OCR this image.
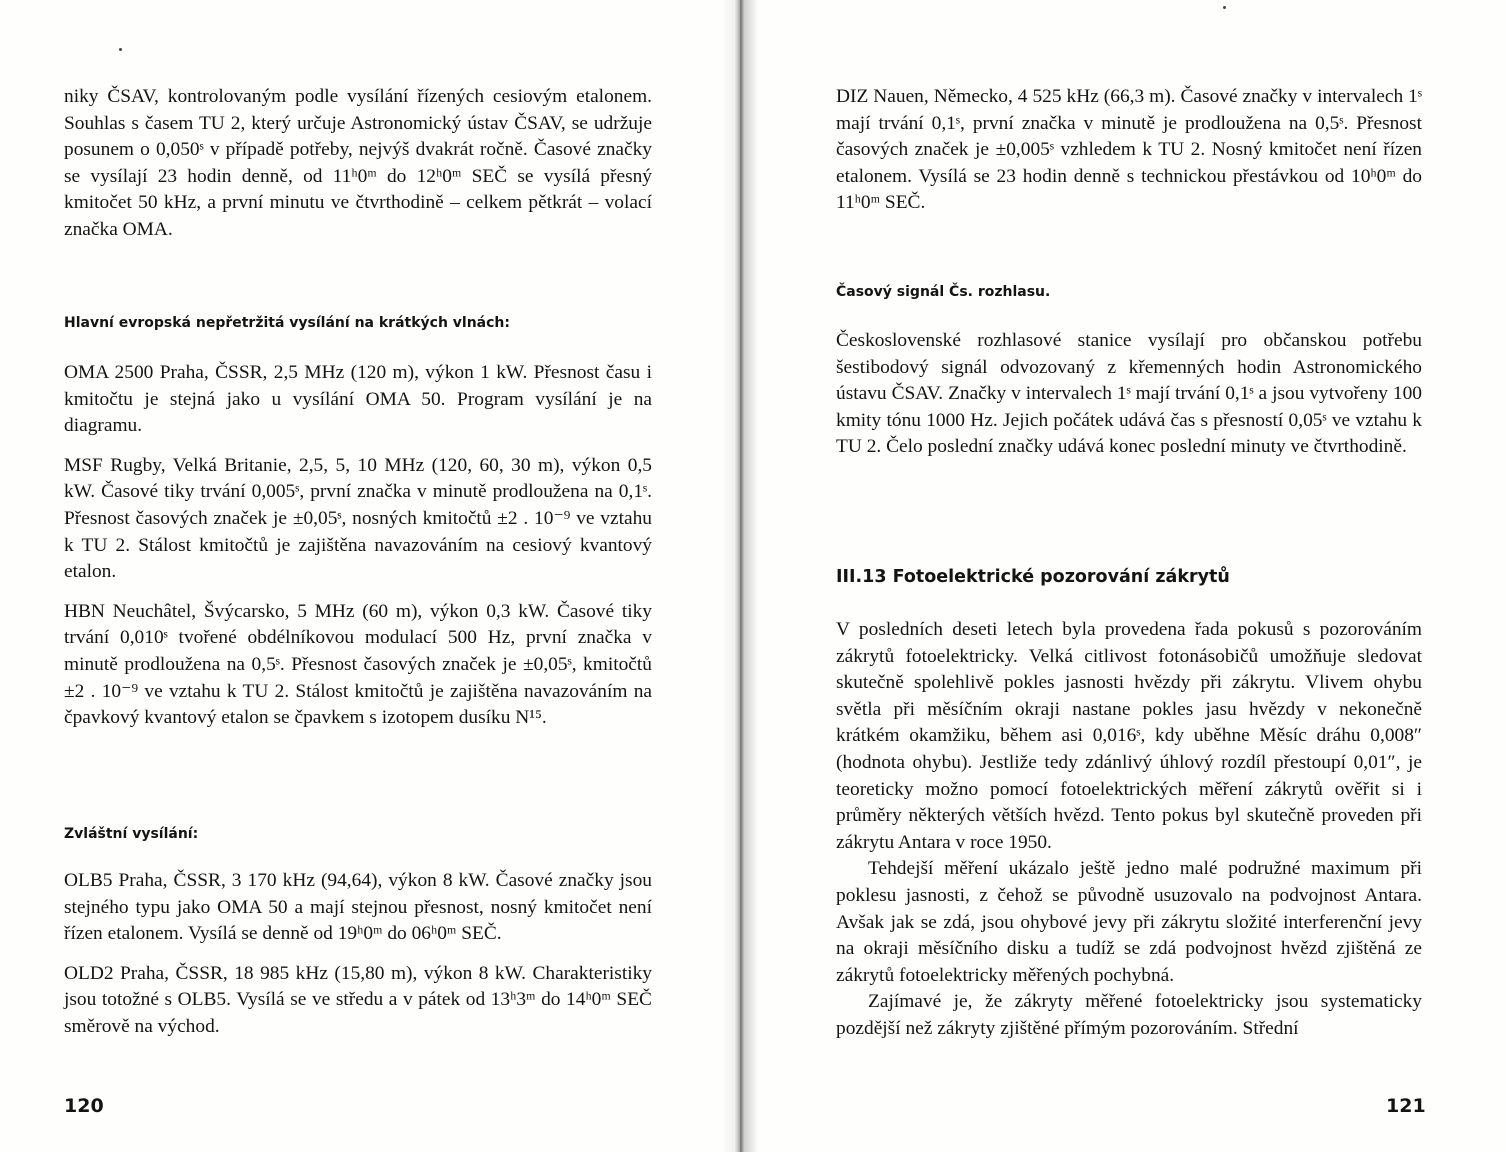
niky ČSAV, kontrolovaným podle vysílání řízených cesiovým etalonem. Souhlas s časem TU 2, který určuje Astronomický ústav ČSAV, se udržuje posunem o 0,050ˢ v případě potřeby, nejvýš dvakrát ročně. Časové značky se vysílají 23 hodin denně, od 11ʰ0ᵐ do 12ʰ0ᵐ SEČ se vysílá přesný kmitočet 50 kHz, a první minutu ve čtvrthodině – celkem pětkrát – volací značka OMA.

Hlavní evropská nepřetržitá vysílání na krátkých vlnách:

OMA 2500 Praha, ČSSR, 2,5 MHz (120 m), výkon 1 kW. Přesnost času i kmitočtu je stejná jako u vysílání OMA 50. Program vysílání je na diagramu.

MSF Rugby, Velká Britanie, 2,5, 5, 10 MHz (120, 60, 30 m), výkon 0,5 kW. Časové tiky trvání 0,005ˢ, první značka v minutě prodloužena na 0,1ˢ. Přesnost časových značek je ±0,05ˢ, nosných kmitočtů ±2 . 10⁻⁹ ve vztahu k TU 2. Stálost kmitočtů je zajištěna navazováním na cesiový kvantový etalon.

HBN Neuchâtel, Švýcarsko, 5 MHz (60 m), výkon 0,3 kW. Časové tiky trvání 0,010ˢ tvořené obdélníkovou modulací 500 Hz, první značka v minutě prodloužena na 0,5ˢ. Přesnost časových značek je ±0,05ˢ, kmitočtů ±2 . 10⁻⁹ ve vztahu k TU 2. Stálost kmitočtů je zajištěna navazováním na čpavkový kvantový etalon se čpavkem s izotopem dusíku N¹⁵.

Zvláštní vysílání:

OLB5 Praha, ČSSR, 3 170 kHz (94,64), výkon 8 kW. Časové značky jsou stejného typu jako OMA 50 a mají stejnou přesnost, nosný kmitočet není řízen etalonem. Vysílá se denně od 19ʰ0ᵐ do 06ʰ0ᵐ SEČ.

OLD2 Praha, ČSSR, 18 985 kHz (15,80 m), výkon 8 kW. Charakteristiky jsou totožné s OLB5. Vysílá se ve středu a v pátek od 13ʰ3ᵐ do 14ʰ0ᵐ SEČ směrově na východ.

120

DIZ Nauen, Německo, 4 525 kHz (66,3 m). Časové značky v intervalech 1ˢ mají trvání 0,1ˢ, první značka v minutě je prodloužena na 0,5ˢ. Přesnost časových značek je ±0,005ˢ vzhledem k TU 2. Nosný kmitočet není řízen etalonem. Vysílá se 23 hodin denně s technickou přestávkou od 10ʰ0ᵐ do 11ʰ0ᵐ SEČ.

Časový signál Čs. rozhlasu.

Československé rozhlasové stanice vysílají pro občanskou potřebu šestibodový signál odvozovaný z křemenných hodin Astronomického ústavu ČSAV. Značky v intervalech 1ˢ mají trvání 0,1ˢ a jsou vytvořeny 100 kmity tónu 1000 Hz. Jejich počátek udává čas s přesností 0,05ˢ ve vztahu k TU 2. Čelo poslední značky udává konec poslední minuty ve čtvrthodině.

III.13 Fotoelektrické pozorování zákrytů

V posledních deseti letech byla provedena řada pokusů s pozorováním zákrytů fotoelektricky. Velká citlivost fotonásobičů umožňuje sledovat skutečně spolehlivě pokles jasnosti hvězdy při zákrytu. Vlivem ohybu světla při měsíčním okraji nastane pokles jasu hvězdy v nekonečně krátkém okamžiku, během asi 0,016ˢ, kdy uběhne Měsíc dráhu 0,008″ (hodnota ohybu). Jestliže tedy zdánlivý úhlový rozdíl přestoupí 0,01″, je teoreticky možno pomocí fotoelektrických měření zákrytů ověřit si i průměry některých větších hvězd. Tento pokus byl skutečně proveden při zákrytu Antara v roce 1950.

Tehdejší měření ukázalo ještě jedno malé podružné maximum při poklesu jasnosti, z čehož se původně usuzovalo na podvojnost Antara. Avšak jak se zdá, jsou ohybové jevy při zákrytu složité interferenční jevy na okraji měsíčního disku a tudíž se zdá podvojnost hvězd zjištěná ze zákrytů fotoelektricky měřených pochybná.

Zajímavé je, že zákryty měřené fotoelektricky jsou systematicky pozdější než zákryty zjištěné přímým pozorováním. Střední

121
